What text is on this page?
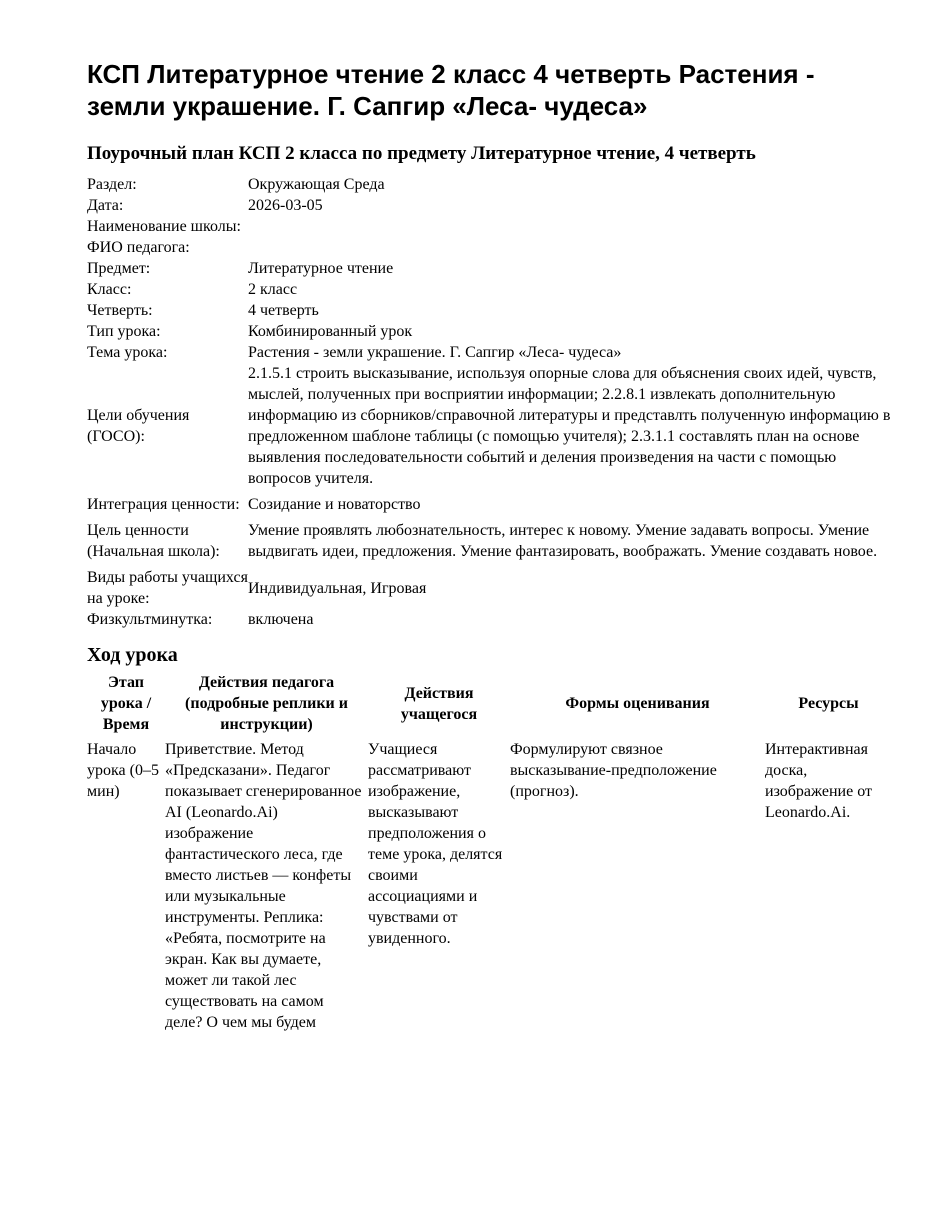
КСП Литературное чтение 2 класс 4 четверть Растения - земли украшение. Г. Сапгир «Леса- чудеса»
Поурочный план КСП 2 класса по предмету Литературное чтение, 4 четверть
Раздел:	Окружающая Среда
Дата:	2026-03-05
Наименование школы:	
ФИО педагога:	
Предмет:	Литературное чтение
Класс:	2 класс
Четверть:	4 четверть
Тип урока:	Комбинированный урок
Тема урока:	Растения - земли украшение. Г. Сапгир «Леса- чудеса»
Цели обучения (ГОСО):	2.1.5.1 строить высказывание, используя опорные слова для объяснения своих идей, чувств, мыслей, полученных при восприятии информации; 2.2.8.1 извлекать дополнительную информацию из сборников/справочной литературы и представлть полученную информацию в предложенном шаблоне таблицы (с помощью учителя); 2.3.1.1 составлять план на основе выявления последовательности событий и деления произведения на части с помощью вопросов учителя.
Интеграция ценности:	Созидание и новаторство
Цель ценности (Начальная школа):	Умение проявлять любознательность, интерес к новому. Умение задавать вопросы. Умение выдвигать идеи, предложения. Умение фантазировать, воображать. Умение создавать новое.
Виды работы учащихся на уроке:	Индивидуальная, Игровая
Физкультминутка:	включена
Ход урока
Этап урока / Время	Действия педагога (подробные реплики и инструкции)	Действия учащегося	Формы оценивания	Ресурсы
Начало урока (0–5 мин)	Приветствие. Метод «Предсказани». Педагог показывает сгенерированное AI (Leonardo.Ai) изображение фантастического леса, где вместо листьев — конфеты или музыкальные инструменты. Реплика: «Ребята, посмотрите на экран. Как вы думаете, может ли такой лес существовать на самом деле? О чем мы будем	Учащиеся рассматривают изображение, высказывают предположения о теме урока, делятся своими ассоциациями и чувствами от увиденного.	Формулируют связное высказывание-предположение (прогноз).	Интерактивная доска, изображение от Leonardo.Ai.
